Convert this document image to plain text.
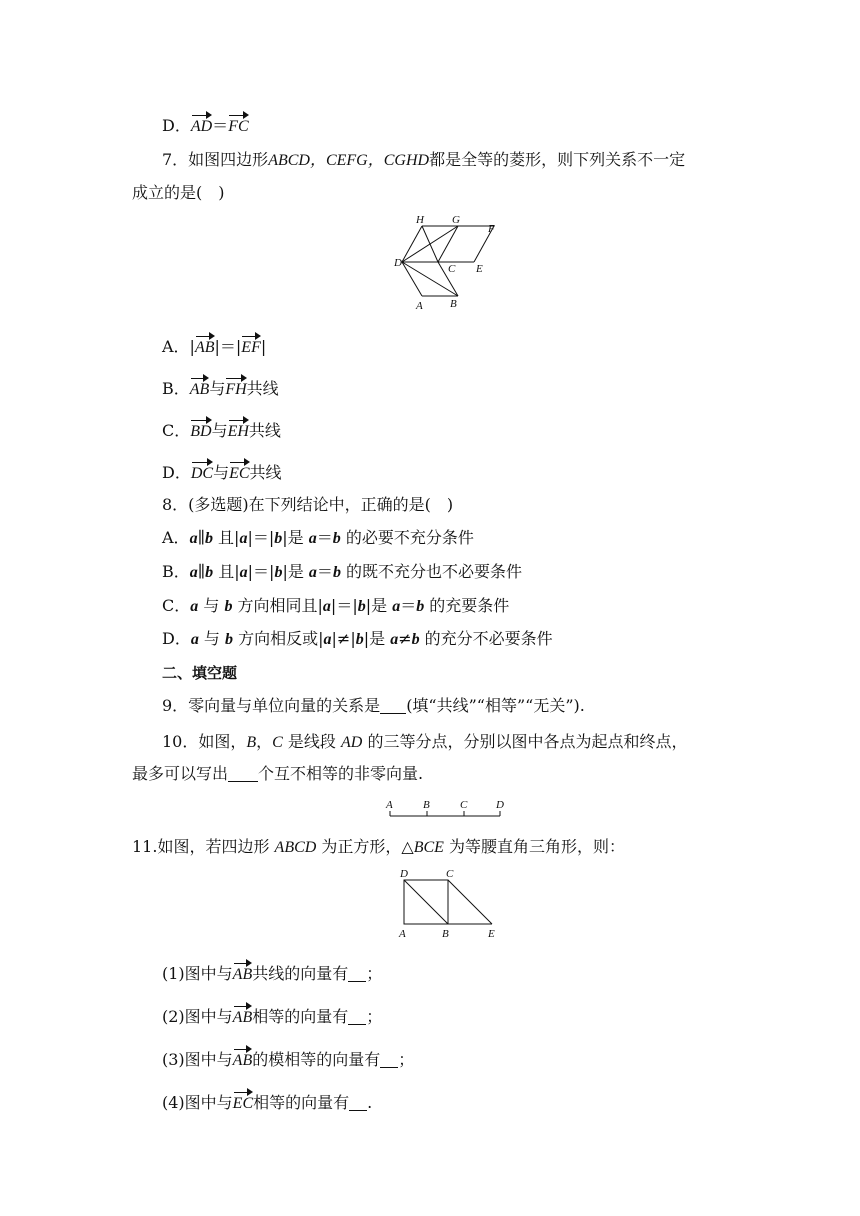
D．AD＝FC
7．如图四边形ABCD，CEFG，CGHD都是全等的菱形，则下列关系不一定
成立的是(　)
H	G
F
D	C E
A B
A．|AB|＝|EF|
B．AB与FH共线
C．BD与EH共线
D．DC与EC共线
8．(多选题)在下列结论中，正确的是(　)
A．a∥b 且|a|＝|b|是 a＝b 的必要不充分条件
B．a∥b 且|a|＝|b|是 a＝b 的既不充分也不必要条件
C．a 与 b 方向相同且|a|＝|b|是 a＝b 的充要条件
D．a 与 b 方向相反或|a|≠|b|是 a≠b 的充分不必要条件
二、填空题
9．零向量与单位向量的关系是 (填“共线”“相等”“无关”).
10．如图，B，C 是线段 AD 的三等分点，分别以图中各点为起点和终点，
最多可以写出 个互不相等的非零向量.
A	B	C	D
11.如图，若四边形 ABCD 为正方形，△BCE 为等腰直角三角形，则：
D	C
A	B	E
(1)图中与AB共线的向量有 ；
(2)图中与AB相等的向量有 ；
(3)图中与AB的模相等的向量有 ；
(4)图中与EC相等的向量有 .
